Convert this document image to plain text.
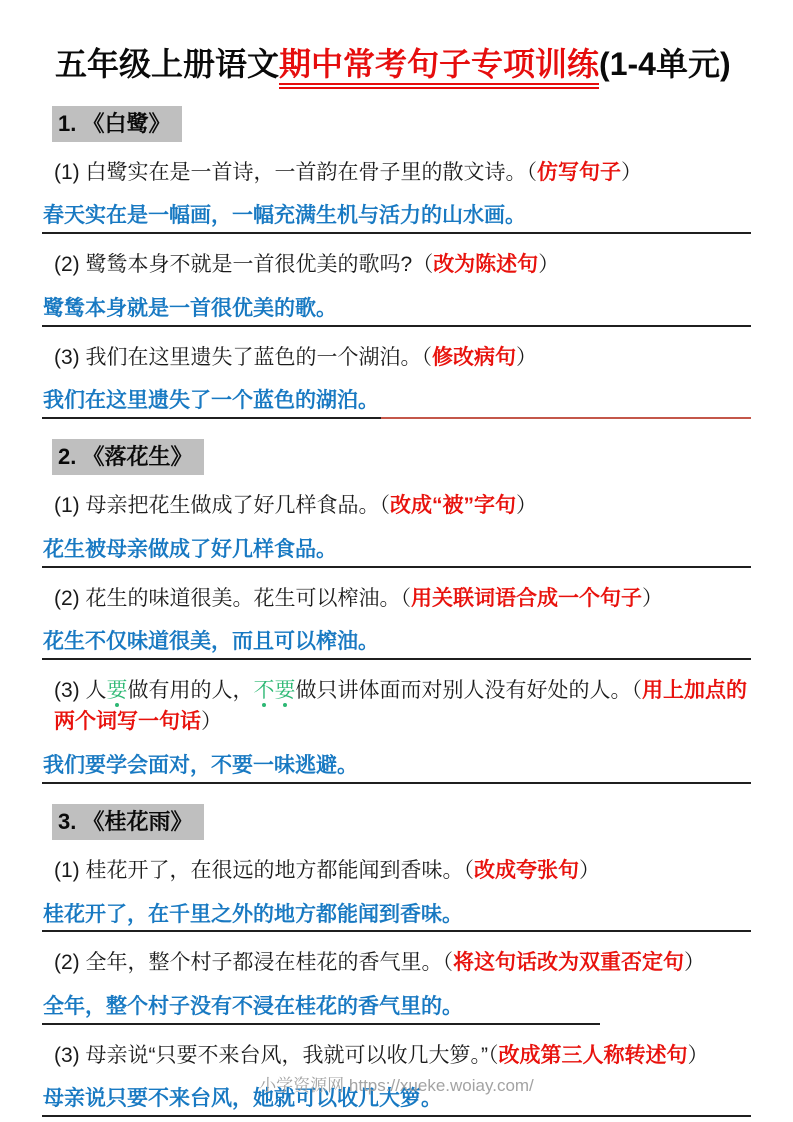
五年级上册语文期中常考句子专项训练(1-4单元)
1. 《白鹭》

(1) 白鹭实在是一首诗，一首韵在骨子里的散文诗。（仿写句子）

春天实在是一幅画，一幅充满生机与活力的山水画。

(2) 鹭鸶本身不就是一首很优美的歌吗?（改为陈述句）

鹭鸶本身就是一首很优美的歌。

(3) 我们在这里遗失了蓝色的一个湖泊。（修改病句）

我们在这里遗失了一个蓝色的湖泊。
2. 《落花生》

(1) 母亲把花生做成了好几样食品。（改成“被”字句）

花生被母亲做成了好几样食品。

(2) 花生的味道很美。花生可以榨油。（用关联词语合成一个句子）

花生不仅味道很美，而且可以榨油。

(3) 人要做有用的人，不要做只讲体面而对别人没有好处的人。（用上加点的两个词写一句话）

我们要学会面对，不要一味逃避。
3. 《桂花雨》

(1) 桂花开了，在很远的地方都能闻到香味。（改成夸张句）

桂花开了，在千里之外的地方都能闻到香味。

(2) 全年，整个村子都浸在桂花的香气里。（将这句话改为双重否定句）

全年，整个村子没有不浸在桂花的香气里的。

(3) 母亲说“只要不来台风，我就可以收几大箩。”（改成第三人称转述句）

母亲说只要不来台风，她就可以收几大箩。
小学资源网 https://xueke.woiay.com/
